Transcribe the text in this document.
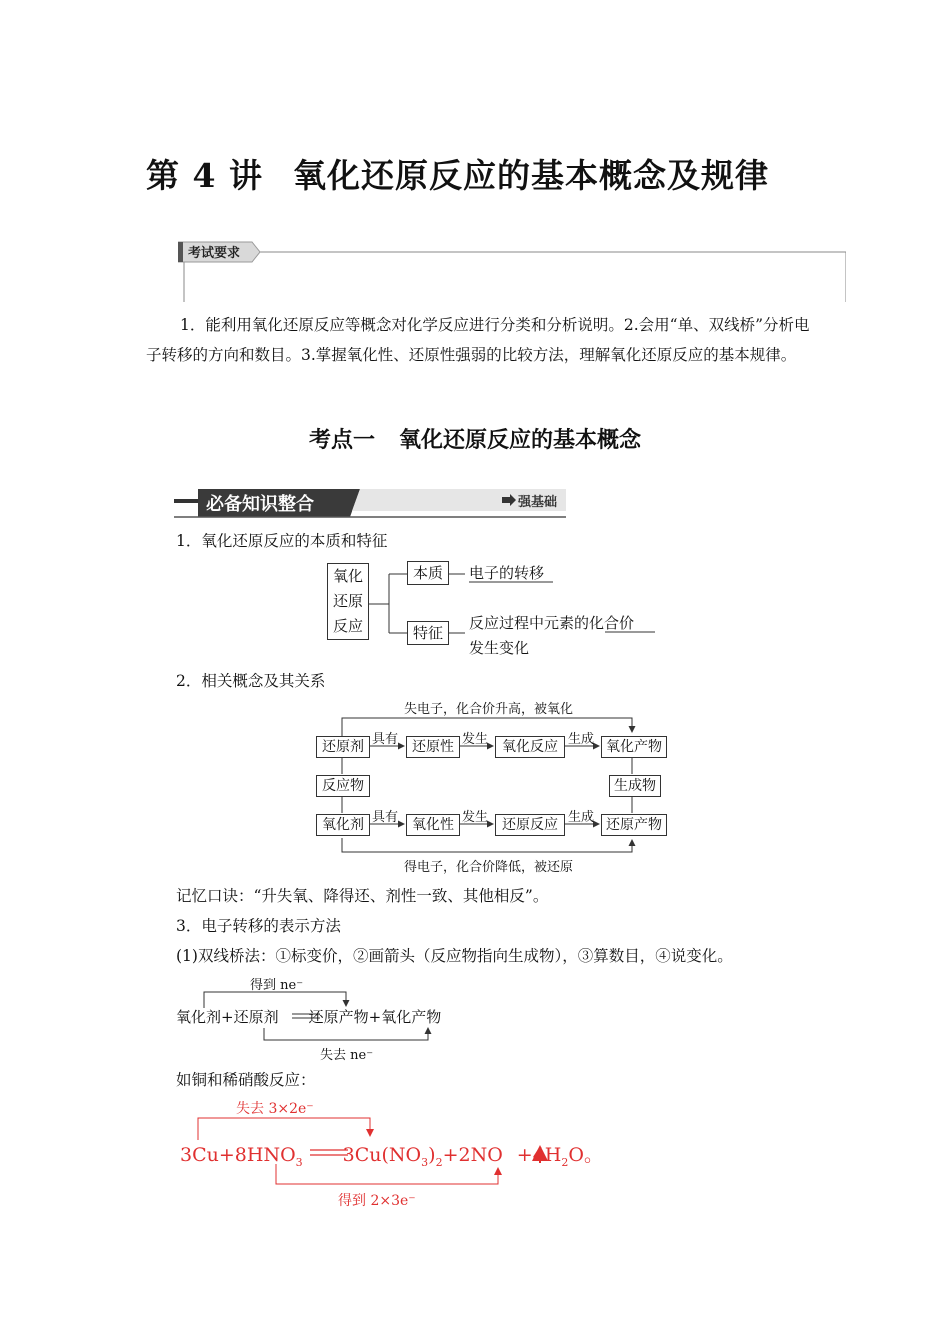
第 4 讲 氧化还原反应的基本概念及规律
考试要求
1．能利用氧化还原反应等概念对化学反应进行分类和分析说明。2.会用“单、双线桥”分析电子转移的方向和数目。3.掌握氧化性、还原性强弱的比较方法，理解氧化还原反应的基本规律。
考点一 氧化还原反应的基本概念
必备知识整合	强基础
1．氧化还原反应的本质和特征
氧化
还原
反应
本质	电子的转移
特征
反应过程中元素的化合价
发生变化
2．相关概念及其关系
失电子，化合价升高，被氧化
得电子，化合价降低，被还原
还原剂	还原性	氧化反应	氧化产物
具有	发生	生成
反应物	生成物
氧化剂	氧化性	还原反应	还原产物
具有	发生	生成
记忆口诀：“升失氧、降得还、剂性一致、其他相反”。
3．电子转移的表示方法
(1)双线桥法：①标变价，②画箭头（反应物指向生成物），③算数目，④说变化。
得到 ne⁻
失去 ne⁻
氧化剂+还原剂 还原产物+氧化产物
如铜和稀硝酸反应：
失去 3×2e⁻
得到 2×3e⁻
$3Cu+8HNO_3$ $3Cu(NO_3)_2+2NO +4H_2O$。
